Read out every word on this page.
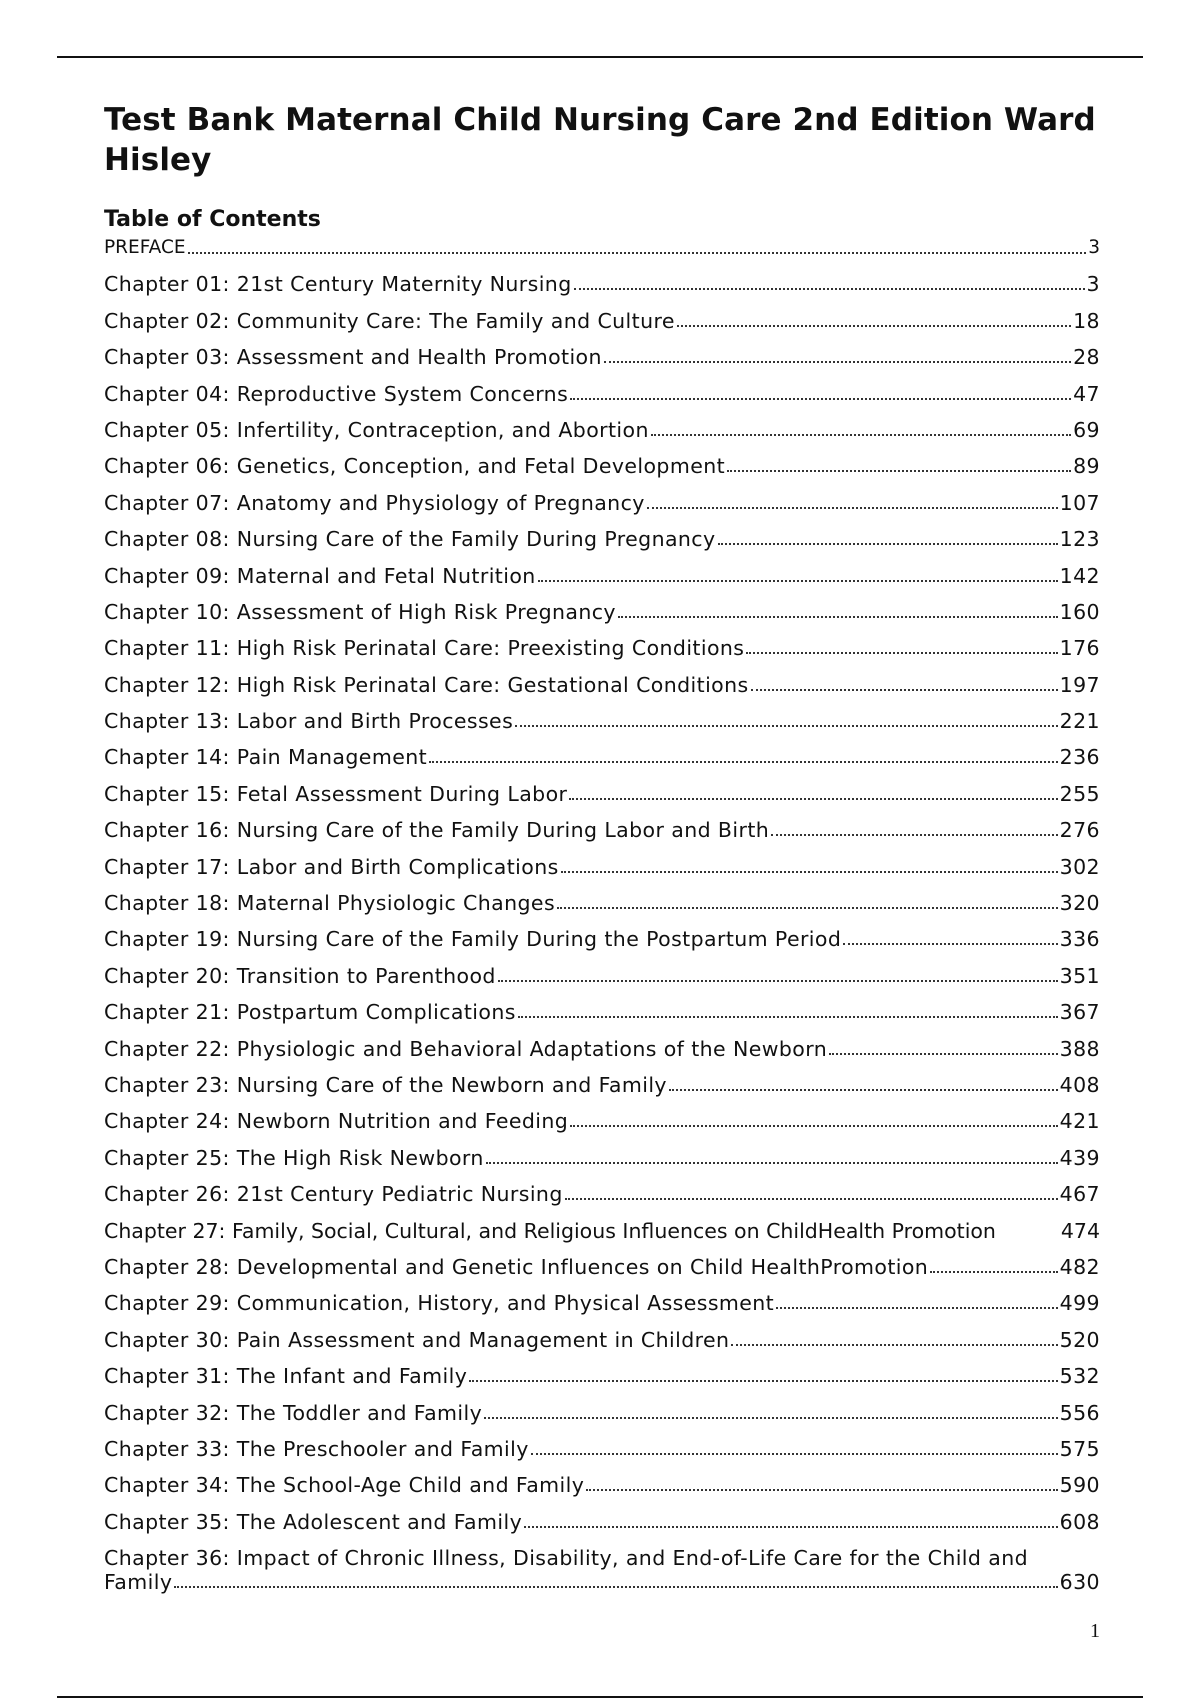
Test Bank Maternal Child Nursing Care 2nd Edition Ward Hisley
Table of Contents
PREFACE	3
Chapter 01: 21st Century Maternity Nursing	3
Chapter 02: Community Care: The Family and Culture	18
Chapter 03: Assessment and Health Promotion	28
Chapter 04: Reproductive System Concerns	47
Chapter 05: Infertility, Contraception, and Abortion	69
Chapter 06: Genetics, Conception, and Fetal Development	89
Chapter 07: Anatomy and Physiology of Pregnancy	107
Chapter 08: Nursing Care of the Family During Pregnancy	123
Chapter 09: Maternal and Fetal Nutrition	142
Chapter 10: Assessment of High Risk Pregnancy	160
Chapter 11: High Risk Perinatal Care: Preexisting Conditions	176
Chapter 12: High Risk Perinatal Care: Gestational Conditions	197
Chapter 13: Labor and Birth Processes	221
Chapter 14: Pain Management	236
Chapter 15: Fetal Assessment During Labor	255
Chapter 16: Nursing Care of the Family During Labor and Birth	276
Chapter 17: Labor and Birth Complications	302
Chapter 18: Maternal Physiologic Changes	320
Chapter 19: Nursing Care of the Family During the Postpartum Period	336
Chapter 20: Transition to Parenthood	351
Chapter 21: Postpartum Complications	367
Chapter 22: Physiologic and Behavioral Adaptations of the Newborn	388
Chapter 23: Nursing Care of the Newborn and Family	408
Chapter 24: Newborn Nutrition and Feeding	421
Chapter 25: The High Risk Newborn	439
Chapter 26: 21st Century Pediatric Nursing	467
Chapter 27: Family, Social, Cultural, and Religious Influences on ChildHealth Promotion	474
Chapter 28: Developmental and Genetic Influences on Child HealthPromotion	482
Chapter 29: Communication, History, and Physical Assessment	499
Chapter 30: Pain Assessment and Management in Children	520
Chapter 31: The Infant and Family	532
Chapter 32: The Toddler and Family	556
Chapter 33: The Preschooler and Family	575
Chapter 34: The School-Age Child and Family	590
Chapter 35: The Adolescent and Family	608
Chapter 36: Impact of Chronic Illness, Disability, and End-of-Life Care for the Child and
Family	630
1
